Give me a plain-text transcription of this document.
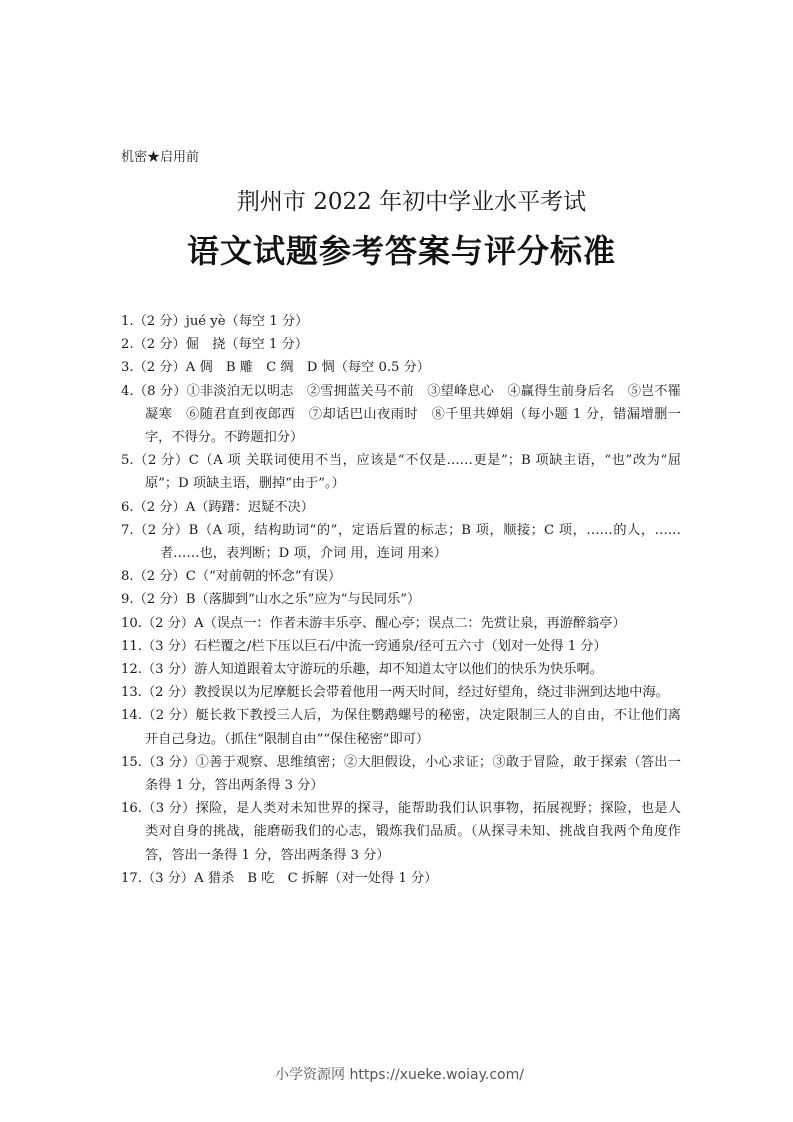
机密★启用前
荆州市 2022 年初中学业水平考试
语文试题参考答案与评分标准

1.（2 分）jué yè（每空 1 分）

2.（2 分）倔　挠（每空 1 分）

3.（2 分）A 倜　B 雕　C 绸　D 惆（每空 0.5 分）

4.（8 分）①非淡泊无以明志　②雪拥蓝关马不前　③望峰息心　④赢得生前身后名　⑤岂不罹凝寒　⑥随君直到夜郎西　⑦却话巴山夜雨时　⑧千里共婵娟（每小题 1 分，错漏增删一字，不得分。不跨题扣分）

5.（2 分）C（A 项 关联词使用不当，应该是“不仅是……更是”；B 项缺主语，“也”改为“屈原”；D 项缺主语，删掉“由于”。）

6.（2 分）A（踌躇：迟疑不决）

7.（2 分）B（A 项，结构助词“的”，定语后置的标志；B 项，顺接；C 项，……的人，……者……也，表判断；D 项，介词 用，连词 用来）

8.（2 分）C（“对前朝的怀念”有误）

9.（2 分）B（落脚到“山水之乐”应为“与民同乐”）

10.（2 分）A（误点一：作者未游丰乐亭、醒心亭；误点二：先赏让泉，再游醉翁亭）

11.（3 分）石栏覆之/栏下压以巨石/中流一窍通泉/径可五六寸（划对一处得 1 分）

12.（3 分）游人知道跟着太守游玩的乐趣，却不知道太守以他们的快乐为快乐啊。

13.（2 分）教授误以为尼摩艇长会带着他用一两天时间，经过好望角，绕过非洲到达地中海。

14.（2 分）艇长救下教授三人后，为保住鹦鹉螺号的秘密，决定限制三人的自由，不让他们离开自己身边。（抓住“限制自由”“保住秘密”即可）

15.（3 分）①善于观察、思维缜密；②大胆假设，小心求证；③敢于冒险，敢于探索（答出一条得 1 分，答出两条得 3 分）

16.（3 分）探险，是人类对未知世界的探寻，能帮助我们认识事物，拓展视野；探险，也是人类对自身的挑战，能磨砺我们的心志，锻炼我们品质。（从探寻未知、挑战自我两个角度作答，答出一条得 1 分，答出两条得 3 分）

17.（3 分）A 猎杀　B 吃　C 拆解（对一处得 1 分）

小学资源网 https://xueke.woiay.com/
